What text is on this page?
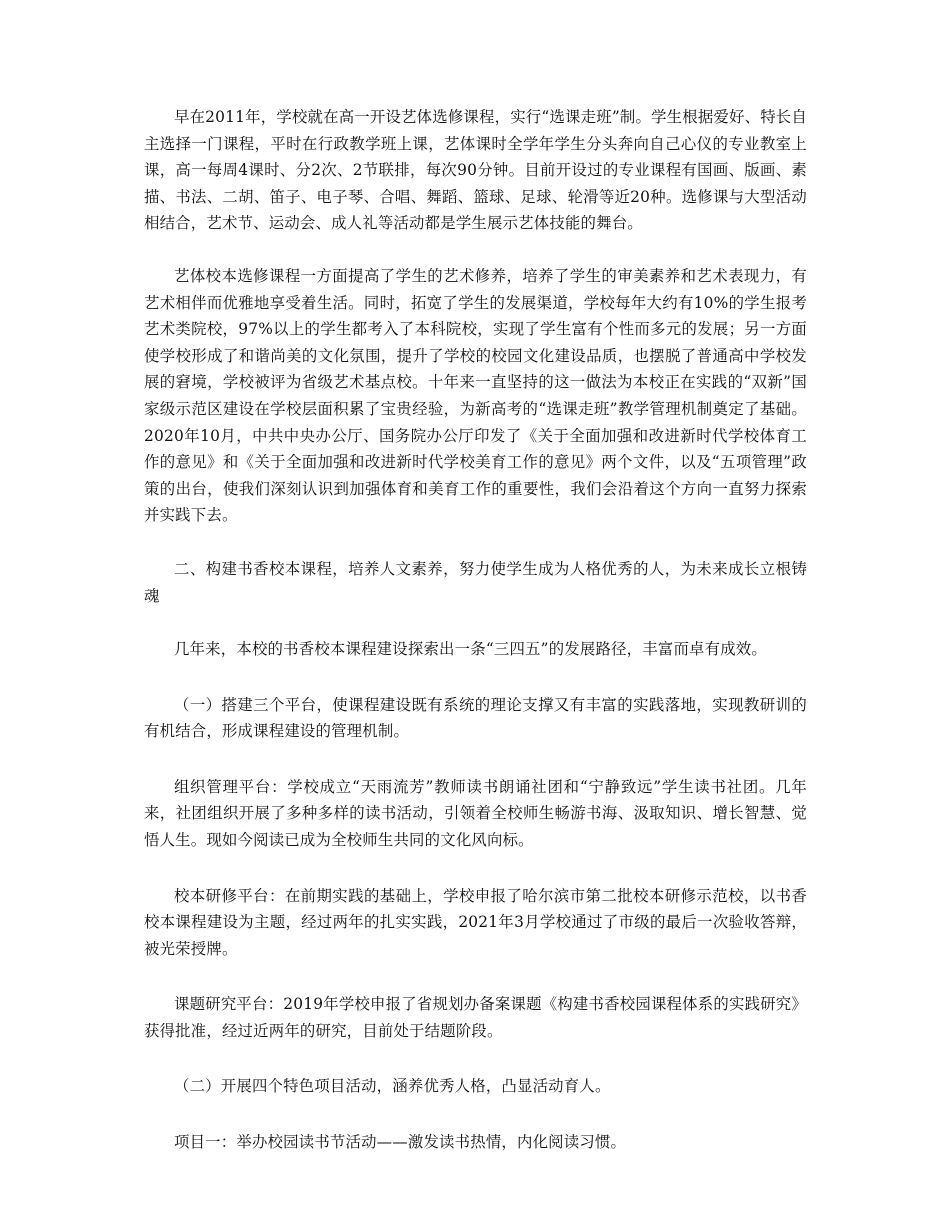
早在2011年，学校就在高一开设艺体选修课程，实行“选课走班”制。学生根据爱好、特长自主选择一门课程，平时在行政教学班上课，艺体课时全学年学生分头奔向自己心仪的专业教室上课，高一每周4课时、分2次、2节联排，每次90分钟。目前开设过的专业课程有国画、版画、素描、书法、二胡、笛子、电子琴、合唱、舞蹈、篮球、足球、轮滑等近20种。选修课与大型活动相结合，艺术节、运动会、成人礼等活动都是学生展示艺体技能的舞台。

艺体校本选修课程一方面提高了学生的艺术修养，培养了学生的审美素养和艺术表现力，有艺术相伴而优雅地享受着生活。同时，拓宽了学生的发展渠道，学校每年大约有10%的学生报考艺术类院校，97%以上的学生都考入了本科院校，实现了学生富有个性而多元的发展；另一方面使学校形成了和谐尚美的文化氛围，提升了学校的校园文化建设品质，也摆脱了普通高中学校发展的窘境，学校被评为省级艺术基点校。十年来一直坚持的这一做法为本校正在实践的“双新”国家级示范区建设在学校层面积累了宝贵经验，为新高考的“选课走班”教学管理机制奠定了基础。2020年10月，中共中央办公厅、国务院办公厅印发了《关于全面加强和改进新时代学校体育工作的意见》和《关于全面加强和改进新时代学校美育工作的意见》两个文件，以及“五项管理”政策的出台，使我们深刻认识到加强体育和美育工作的重要性，我们会沿着这个方向一直努力探索并实践下去。

二、构建书香校本课程，培养人文素养，努力使学生成为人格优秀的人，为未来成长立根铸魂

几年来，本校的书香校本课程建设探索出一条“三四五”的发展路径，丰富而卓有成效。

（一）搭建三个平台，使课程建设既有系统的理论支撑又有丰富的实践落地，实现教研训的有机结合，形成课程建设的管理机制。

组织管理平台：学校成立“天雨流芳”教师读书朗诵社团和“宁静致远”学生读书社团。几年来，社团组织开展了多种多样的读书活动，引领着全校师生畅游书海、汲取知识、增长智慧、觉悟人生。现如今阅读已成为全校师生共同的文化风向标。

校本研修平台：在前期实践的基础上，学校申报了哈尔滨市第二批校本研修示范校，以书香校本课程建设为主题，经过两年的扎实实践，2021年3月学校通过了市级的最后一次验收答辩，被光荣授牌。

课题研究平台：2019年学校申报了省规划办备案课题《构建书香校园课程体系的实践研究》获得批准，经过近两年的研究，目前处于结题阶段。

（二）开展四个特色项目活动，涵养优秀人格，凸显活动育人。

项目一：举办校园读书节活动——激发读书热情，内化阅读习惯。
